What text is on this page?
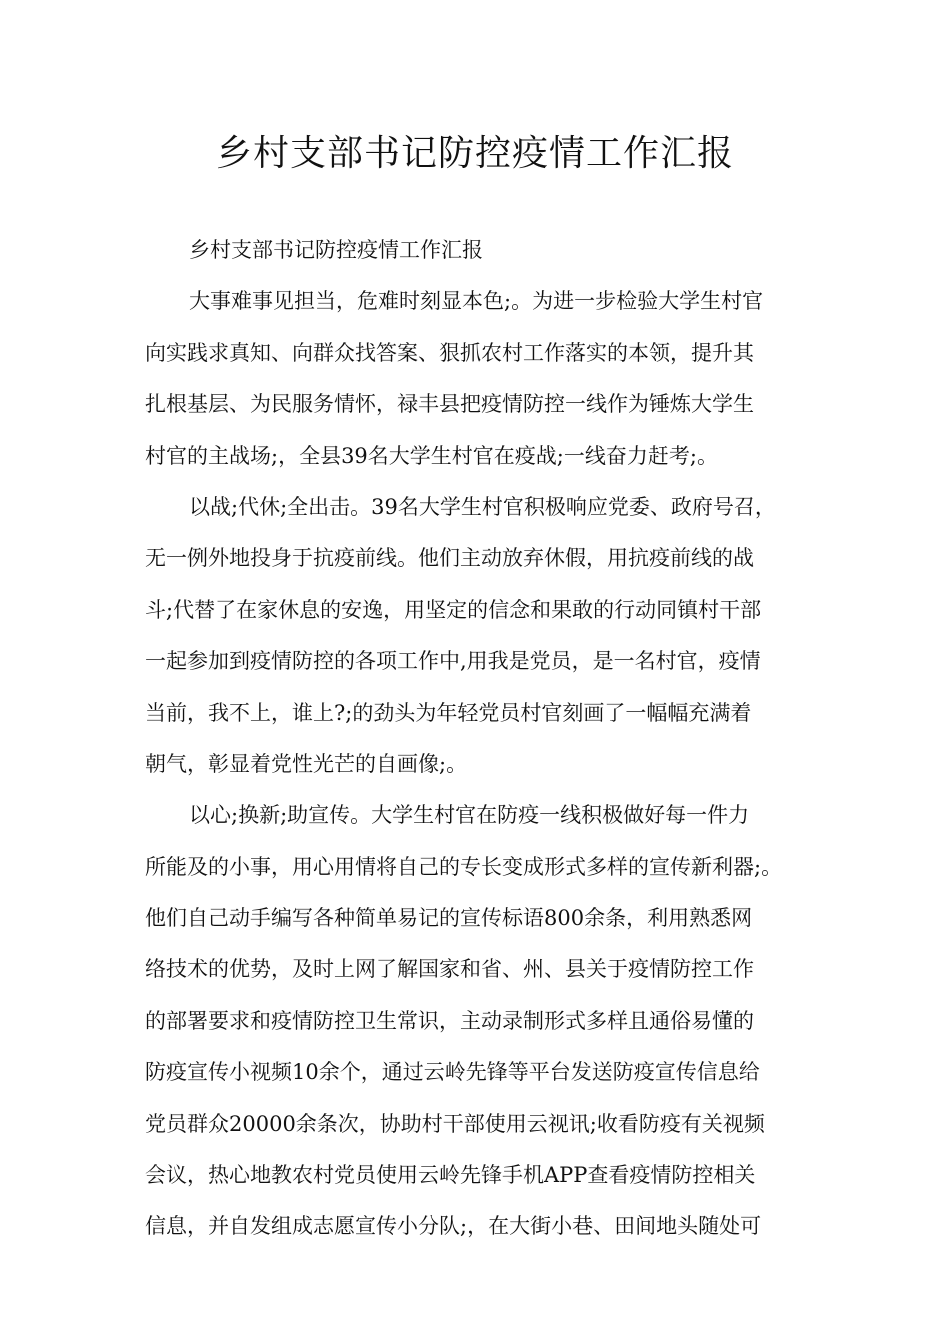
乡村支部书记防控疫情工作汇报
乡村支部书记防控疫情工作汇报
大事难事见担当，危难时刻显本色;。为进一步检验大学生村官
向实践求真知、向群众找答案、狠抓农村工作落实的本领，提升其
扎根基层、为民服务情怀，禄丰县把疫情防控一线作为锤炼大学生
村官的主战场;，全县39名大学生村官在疫战;一线奋力赶考;。
以战;代休;全出击。39名大学生村官积极响应党委、政府号召，
无一例外地投身于抗疫前线。他们主动放弃休假，用抗疫前线的战
斗;代替了在家休息的安逸，用坚定的信念和果敢的行动同镇村干部
一起参加到疫情防控的各项工作中,用我是党员，是一名村官，疫情
当前，我不上，谁上?;的劲头为年轻党员村官刻画了一幅幅充满着
朝气，彰显着党性光芒的自画像;。
以心;换新;助宣传。大学生村官在防疫一线积极做好每一件力
所能及的小事，用心用情将自己的专长变成形式多样的宣传新利器;。
他们自己动手编写各种简单易记的宣传标语800余条，利用熟悉网
络技术的优势，及时上网了解国家和省、州、县关于疫情防控工作
的部署要求和疫情防控卫生常识，主动录制形式多样且通俗易懂的
防疫宣传小视频10余个，通过云岭先锋等平台发送防疫宣传信息给
党员群众20000余条次，协助村干部使用云视讯;收看防疫有关视频
会议，热心地教农村党员使用云岭先锋手机APP查看疫情防控相关
信息，并自发组成志愿宣传小分队;，在大街小巷、田间地头随处可
